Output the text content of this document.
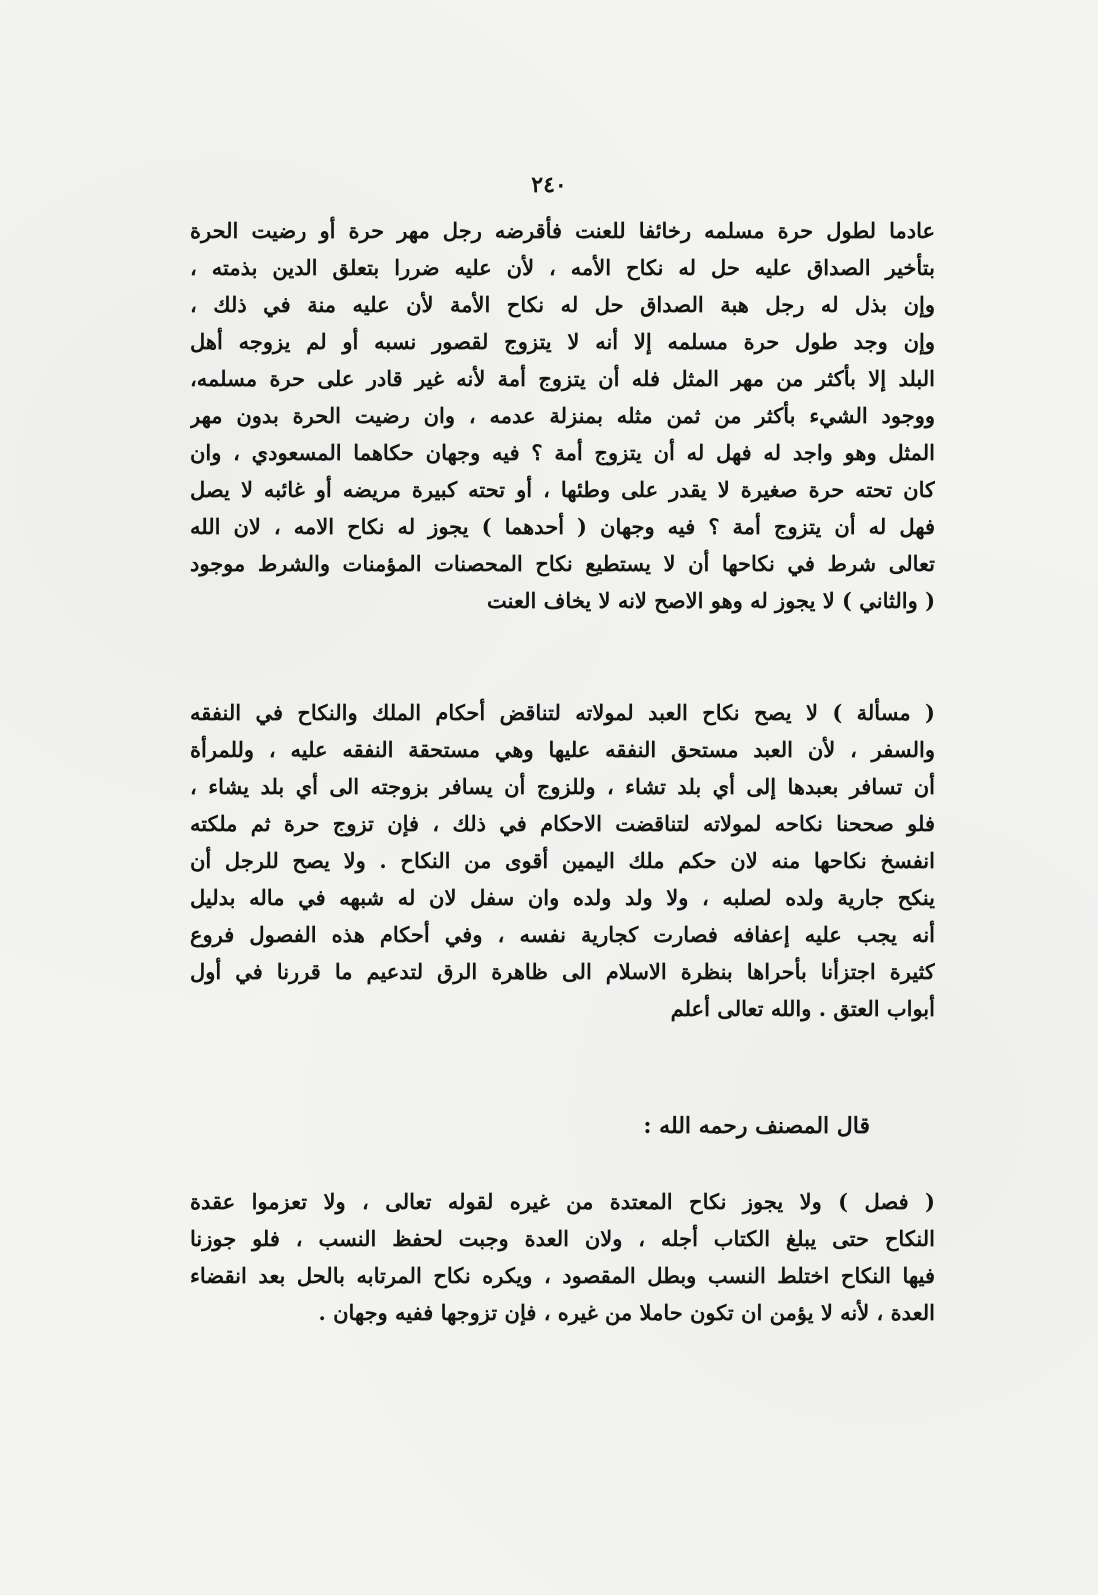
٢٤٠
عادما لطول حرة مسلمه رخائفا للعنت فأقرضه رجل مهر حرة أو رضيت الحرة
بتأخير الصداق عليه حل له نكاح الأمه ، لأن عليه ضررا بتعلق الدين بذمته ،
وإن بذل له رجل هبة الصداق حل له نكاح الأمة لأن عليه منة في ذلك ،
وإن وجد طول حرة مسلمه إلا أنه لا يتزوج لقصور نسبه أو لم يزوجه أهل
البلد إلا بأكثر من مهر المثل فله أن يتزوج أمة لأنه غير قادر على حرة مسلمه،
ووجود الشيء بأكثر من ثمن مثله بمنزلة عدمه ، وان رضيت الحرة بدون مهر
المثل وهو واجد له فهل له أن يتزوج أمة ؟ فيه وجهان حكاهما المسعودي ، وان
كان تحته حرة صغيرة لا يقدر على وطئها ، أو تحته كبيرة مريضه أو غائبه لا يصل
فهل له أن يتزوج أمة ؟ فيه وجهان ( أحدهما ) يجوز له نكاح الامه ، لان الله
تعالى شرط في نكاحها أن لا يستطيع نكاح المحصنات المؤمنات والشرط موجود
( والثاني ) لا يجوز له وهو الاصح لانه لا يخاف العنت
( مسألة ) لا يصح نكاح العبد لمولاته لتناقض أحكام الملك والنكاح في النفقه
والسفر ، لأن العبد مستحق النفقه عليها وهي مستحقة النفقه عليه ، وللمرأة
أن تسافر بعبدها إلى أي بلد تشاء ، وللزوج أن يسافر بزوجته الى أي بلد يشاء ،
فلو صححنا نكاحه لمولاته لتناقضت الاحكام في ذلك ، فإن تزوج حرة ثم ملكته
انفسخ نكاحها منه لان حكم ملك اليمين أقوى من النكاح . ولا يصح للرجل أن
ينكح جارية ولده لصلبه ، ولا ولد ولده وان سفل لان له شبهه في ماله بدليل
أنه يجب عليه إعفافه فصارت كجارية نفسه ، وفي أحكام هذه الفصول فروع
كثيرة اجتزأنا بأحراها بنظرة الاسلام الى ظاهرة الرق لتدعيم ما قررنا في أول
أبواب العتق . والله تعالى أعلم
قال المصنف رحمه الله :
( فصل ) ولا يجوز نكاح المعتدة من غيره لقوله تعالى ، ولا تعزموا عقدة
النكاح حتى يبلغ الكتاب أجله ، ولان العدة وجبت لحفظ النسب ، فلو جوزنا
فيها النكاح اختلط النسب وبطل المقصود ، ويكره نكاح المرتابه بالحل بعد انقضاء
العدة ، لأنه لا يؤمن ان تكون حاملا من غيره ، فإن تزوجها ففيه وجهان .
